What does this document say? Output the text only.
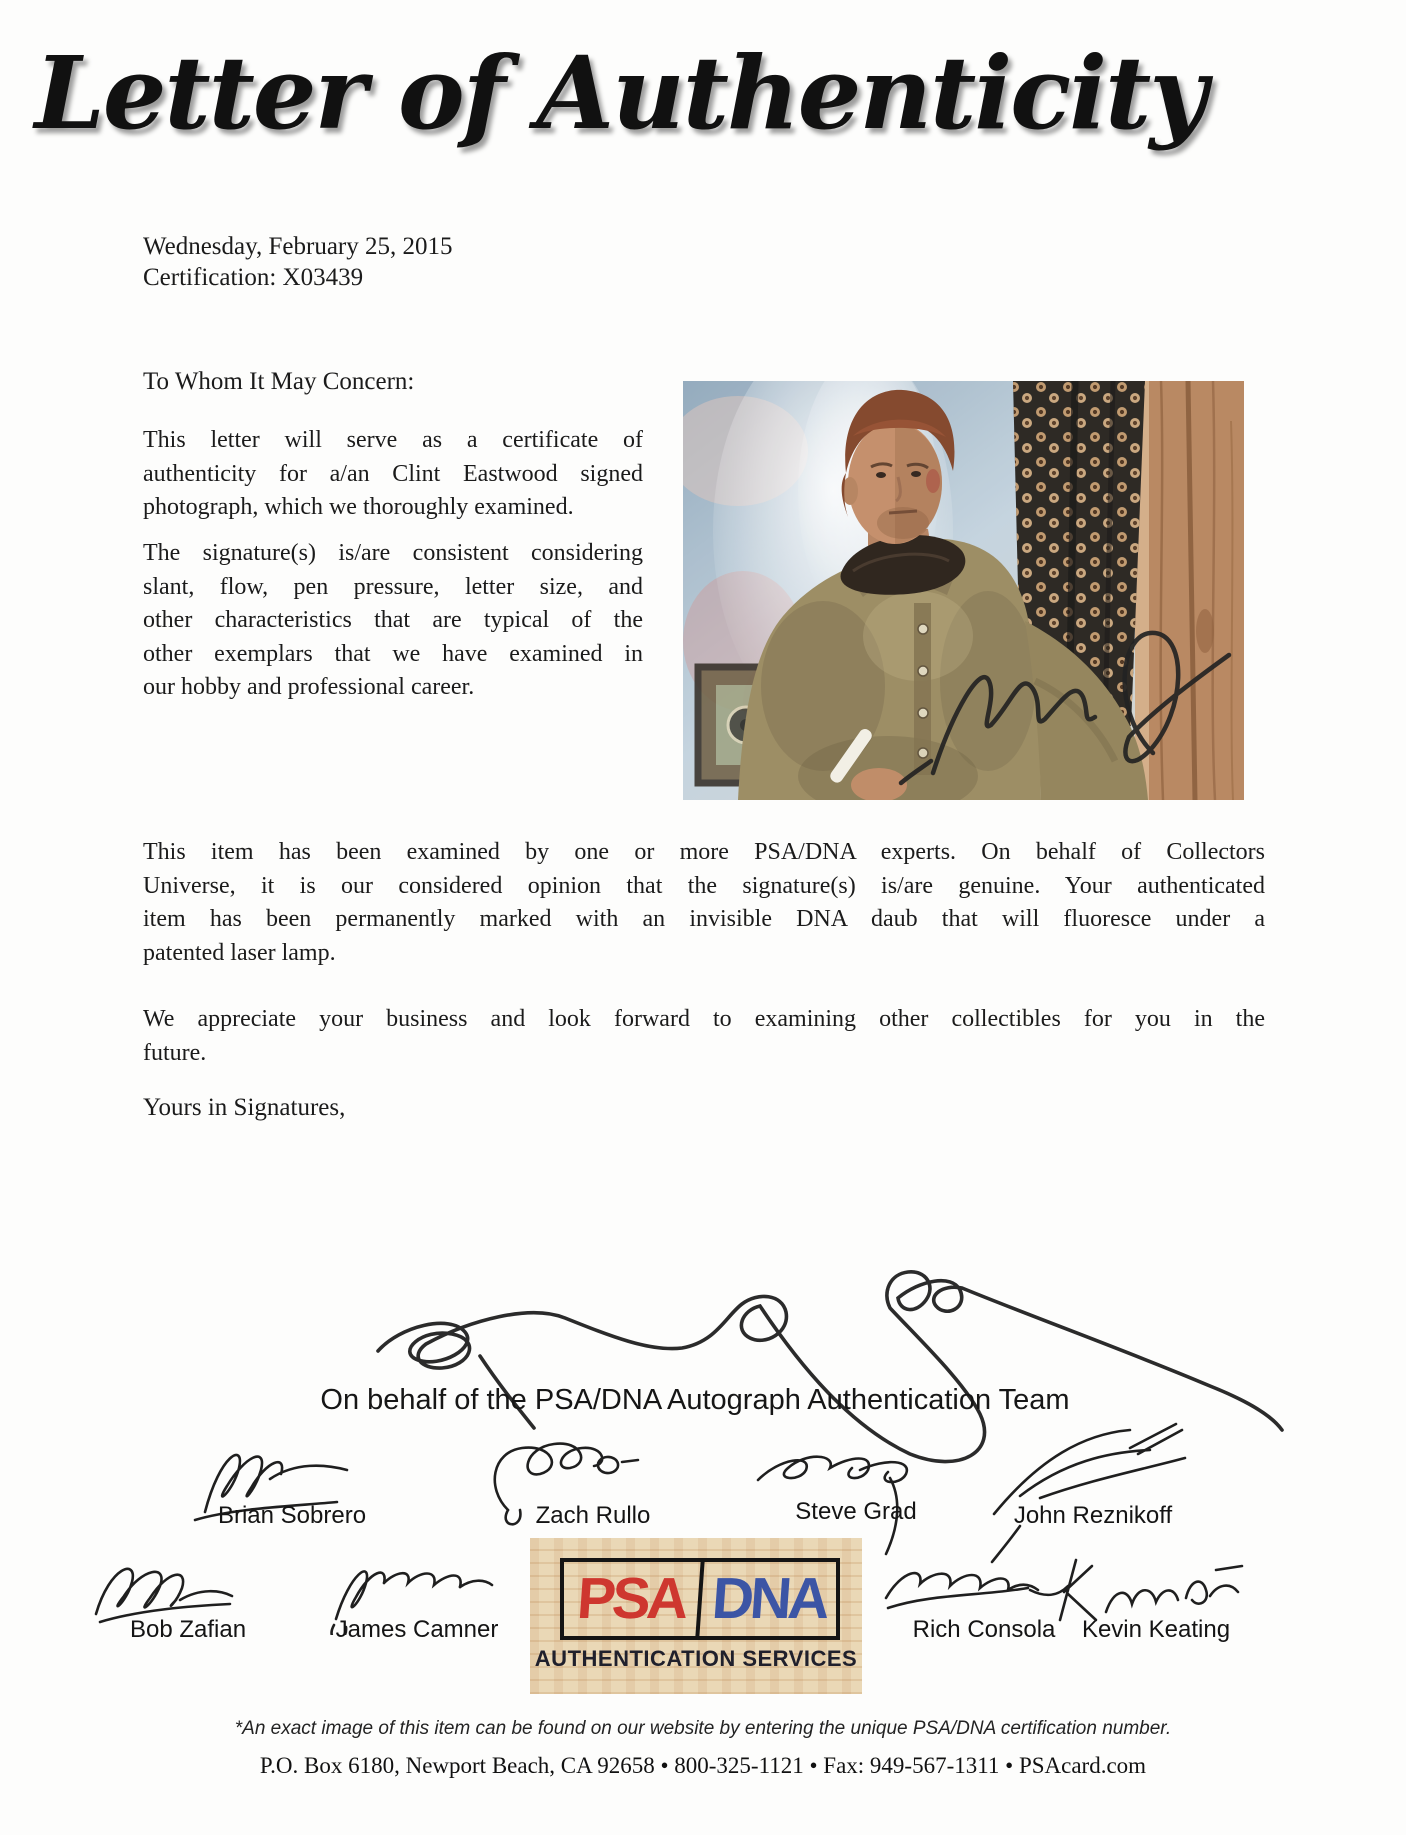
Letter of Authenticity
Wednesday, February 25, 2015
Certification: X03439
To Whom It May Concern:
This letter will serve as a certificate of
authenticity for a/an Clint Eastwood signed
photograph, which we thoroughly examined.
The signature(s) is/are consistent considering
slant, flow, pen pressure, letter size, and
other characteristics that are typical of the
other exemplars that we have examined in
our hobby and professional career.
This item has been examined by one or more PSA/DNA experts. On behalf of Collectors
Universe, it is our considered opinion that the signature(s) is/are genuine. Your authenticated
item has been permanently marked with an invisible DNA daub that will fluoresce under a
patented laser lamp.
We appreciate your business and look forward to examining other collectibles for you in the
future.
Yours in Signatures,
On behalf of the PSA/DNA Autograph Authentication Team
Brian Sobrero	Zach Rullo	Steve Grad	John Reznikoff
Bob Zafian	James Camner	Rich Consola Kevin Keating
PSA DNA
AUTHENTICATION SERVICES
*An exact image of this item can be found on our website by entering the unique PSA/DNA certification number.
P.O. Box 6180, Newport Beach, CA 92658 • 800-325-1121 • Fax: 949-567-1311 • PSAcard.com
